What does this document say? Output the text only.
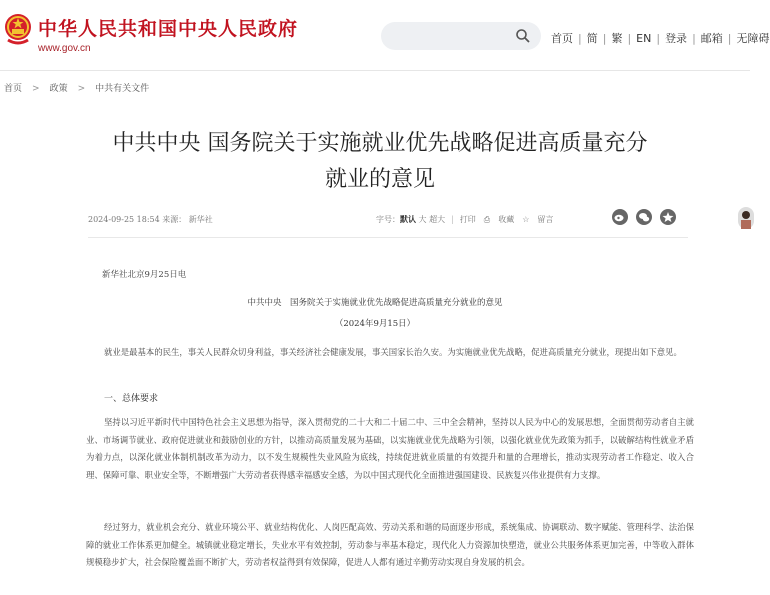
中华人民共和国中央人民政府
www.gov.cn
首页 | 简 | 繁 | EN | 登录 | 邮箱 | 无障碍
首页 > 政策 > 中共有关文件
中共中央 国务院关于实施就业优先战略促进高质量充分
就业的意见
2024-09-25 18:54 来源： 新华社	字号：默认 大 超大 | 打印 ⎙ 收藏 ☆ 留言
新华社北京9月25日电
中共中央　国务院关于实施就业优先战略促进高质量充分就业的意见
（2024年9月15日）
就业是最基本的民生，事关人民群众切身利益，事关经济社会健康发展，事关国家长治久安。为实施就业优先战略，促进高质量充分就业，现提出如下意见。
一、总体要求
坚持以习近平新时代中国特色社会主义思想为指导，深入贯彻党的二十大和二十届二中、三中全会精神，坚持以人民为中心的发展思想，全面贯彻劳动者自主就业、市场调节就业、政府促进就业和鼓励创业的方针，以推动高质量发展为基础，以实施就业优先战略为引领，以强化就业优先政策为抓手，以破解结构性就业矛盾为着力点，以深化就业体制机制改革为动力，以不发生规模性失业风险为底线，持续促进就业质量的有效提升和量的合理增长，推动实现劳动者工作稳定、收入合理、保障可靠、职业安全等，不断增强广大劳动者获得感幸福感安全感，为以中国式现代化全面推进强国建设、民族复兴伟业提供有力支撑。
经过努力，就业机会充分、就业环境公平、就业结构优化、人岗匹配高效、劳动关系和谐的局面逐步形成，系统集成、协调联动、数字赋能、管理科学、法治保障的就业工作体系更加健全。城镇就业稳定增长，失业水平有效控制，劳动参与率基本稳定，现代化人力资源加快塑造，就业公共服务体系更加完善，中等收入群体规模稳步扩大，社会保险覆盖面不断扩大，劳动者权益得到有效保障，促进人人都有通过辛勤劳动实现自身发展的机会。
